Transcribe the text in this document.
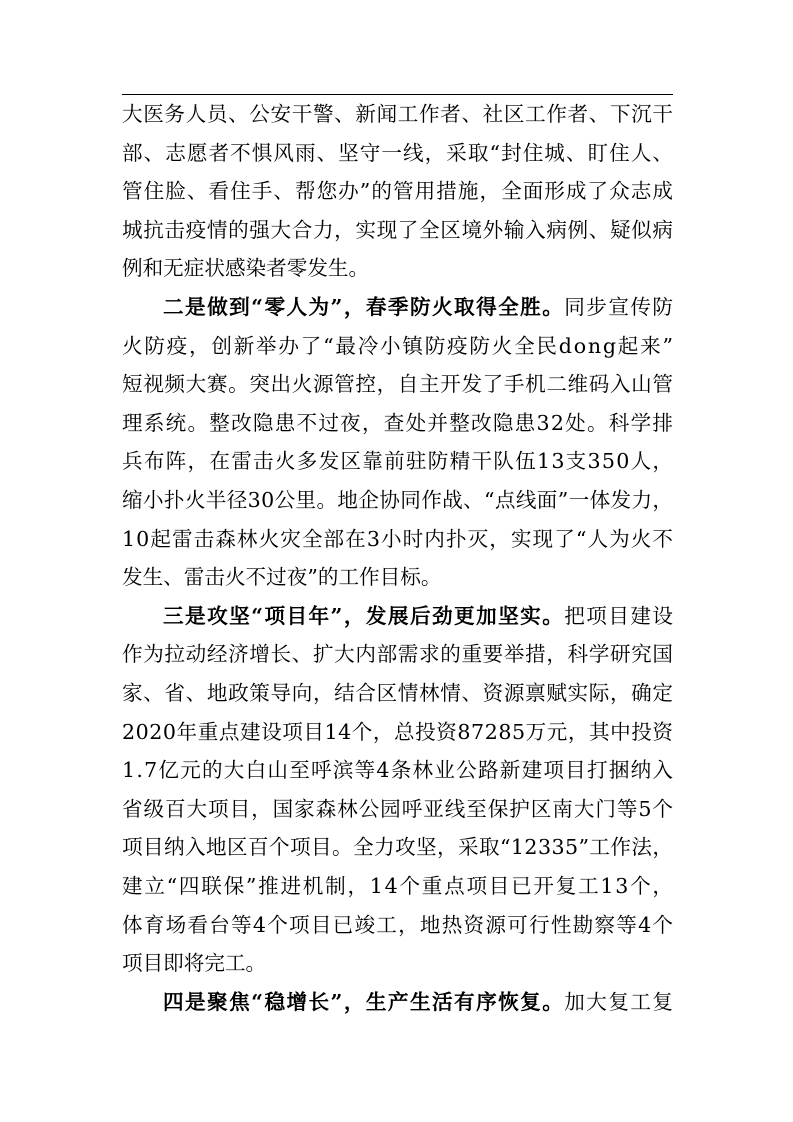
大医务人员、公安干警、新闻工作者、社区工作者、下沉干
部、志愿者不惧风雨、坚守一线，采取“封住城、盯住人、
管住脸、看住手、帮您办”的管用措施，全面形成了众志成
城抗击疫情的强大合力，实现了全区境外输入病例、疑似病
例和无症状感染者零发生。
二是做到“零人为”，春季防火取得全胜。同步宣传防
火防疫，创新举办了“最冷小镇防疫防火全民dong起来”
短视频大赛。突出火源管控，自主开发了手机二维码入山管
理系统。整改隐患不过夜，查处并整改隐患32处。科学排
兵布阵，在雷击火多发区靠前驻防精干队伍13支350人，
缩小扑火半径30公里。地企协同作战、“点线面”一体发力，
10起雷击森林火灾全部在3小时内扑灭，实现了“人为火不
发生、雷击火不过夜”的工作目标。
三是攻坚“项目年”，发展后劲更加坚实。把项目建设
作为拉动经济增长、扩大内部需求的重要举措，科学研究国
家、省、地政策导向，结合区情林情、资源禀赋实际，确定
2020年重点建设项目14个，总投资87285万元，其中投资
1.7亿元的大白山至呼滨等4条林业公路新建项目打捆纳入
省级百大项目，国家森林公园呼亚线至保护区南大门等5个
项目纳入地区百个项目。全力攻坚，采取“12335”工作法，
建立“四联保”推进机制，14个重点项目已开复工13个，
体育场看台等4个项目已竣工，地热资源可行性勘察等4个
项目即将完工。
四是聚焦“稳增长”，生产生活有序恢复。加大复工复
